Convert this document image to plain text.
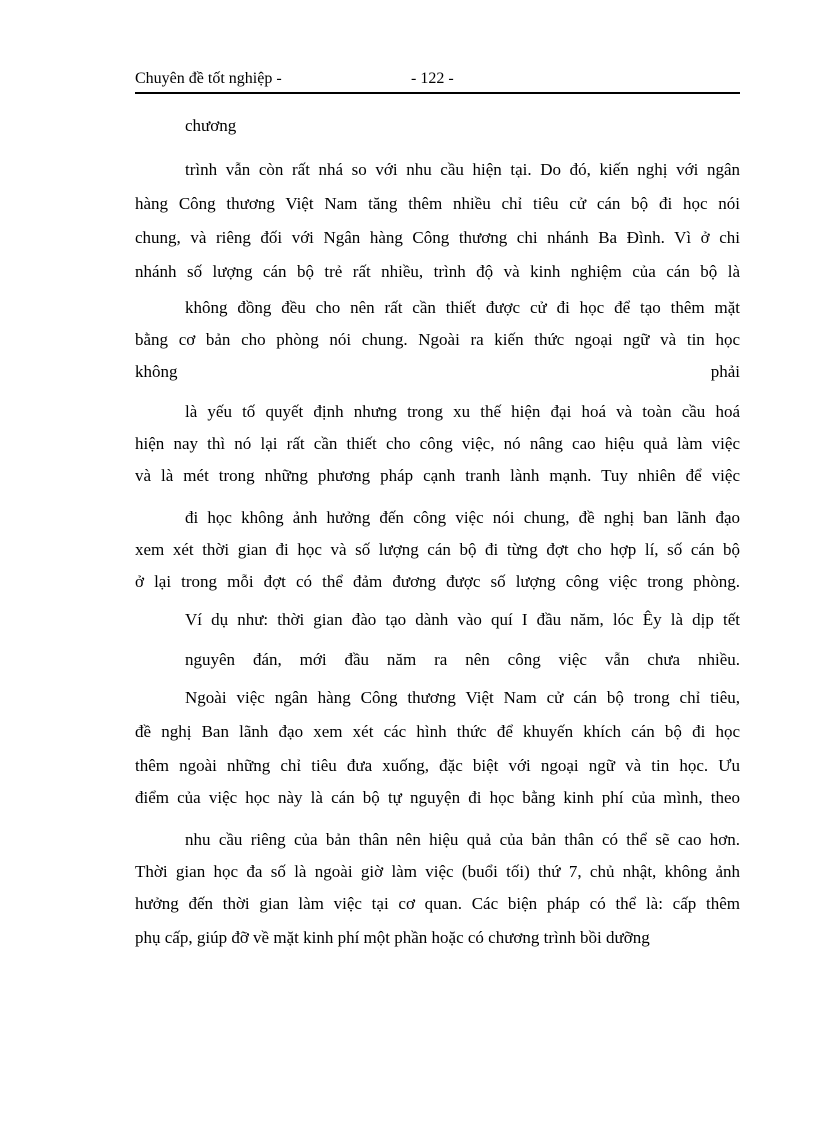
Chuyên đề tốt nghiệp -	- 122 -
chương
trình vẫn còn rất nhá so với nhu cầu hiện tại. Do đó, kiến nghị với ngân
hàng Công thương Việt Nam tăng thêm nhiều chỉ tiêu cử cán bộ đi học nói
chung, và riêng đối với Ngân hàng Công thương chi nhánh Ba Đình. Vì ở chi
nhánh số lượng cán bộ trẻ rất nhiều, trình độ và kinh nghiệm của cán bộ là
không đồng đều cho nên rất cần thiết được cử đi học để tạo thêm mặt
bằng cơ bản cho phòng nói chung. Ngoài ra kiến thức ngoại ngữ và tin học
không phải
là yếu tố quyết định nhưng trong xu thế hiện đại hoá và toàn cầu hoá
hiện nay thì nó lại rất cần thiết cho công việc, nó nâng cao hiệu quả làm việc
và là mét trong những phương pháp cạnh tranh lành mạnh. Tuy nhiên để việc
đi học không ảnh hưởng đến công việc nói chung, đề nghị ban lãnh đạo
xem xét thời gian đi học và số lượng cán bộ đi từng đợt cho hợp lí, số cán bộ
ở lại trong mỗi đợt có thể đảm đương được số lượng công việc trong phòng.
Ví dụ như: thời gian đào tạo dành vào quí I đầu năm, lóc Êy là dịp tết
nguyên đán, mới đầu năm ra nên công việc vẫn chưa nhiều.
Ngoài việc ngân hàng Công thương Việt Nam cử cán bộ trong chỉ tiêu,
đề nghị Ban lãnh đạo xem xét các hình thức để khuyến khích cán bộ đi học
thêm ngoài những chỉ tiêu đưa xuống, đặc biệt với ngoại ngữ và tin học. Ưu
điểm của việc học này là cán bộ tự nguyện đi học bằng kinh phí của mình, theo
nhu cầu riêng của bản thân nên hiệu quả của bản thân có thể sẽ cao hơn.
Thời gian học đa số là ngoài giờ làm việc (buổi tối) thứ 7, chủ nhật, không ảnh
hưởng đến thời gian làm việc tại cơ quan. Các biện pháp có thể là: cấp thêm
phụ cấp, giúp đỡ về mặt kinh phí một phần hoặc có chương trình bồi dưỡng
